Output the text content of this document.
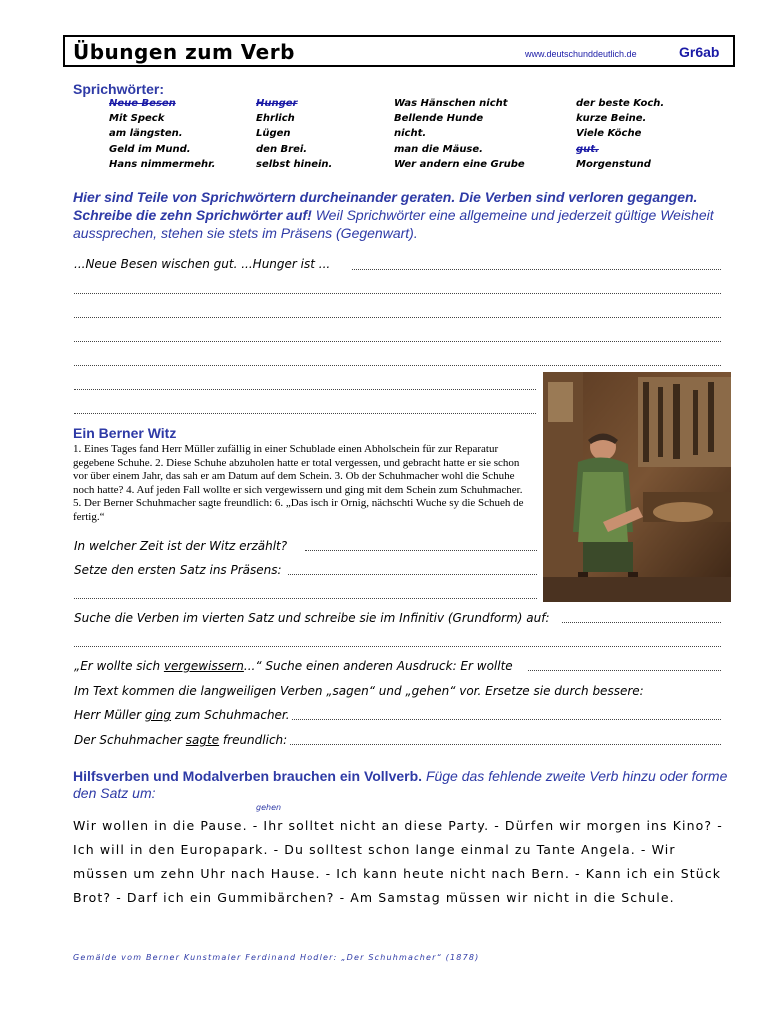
Übungen zum Verb	www.deutschunddeutlich.de	Gr6ab
Sprichwörter:
Neue Besen
Mit Speck
am längsten.
Geld im Mund.
Hans nimmermehr.
Hunger
Ehrlich
Lügen
den Brei.
selbst hinein.
Was Hänschen nicht
Bellende Hunde
nicht.
man die Mäuse.
Wer andern eine Grube
der beste Koch.
kurze Beine.
Viele Köche
gut.
Morgenstund
Hier sind Teile von Sprichwörtern durcheinander geraten. Die Verben sind verloren gegangen. Schreibe die zehn Sprichwörter auf! Weil Sprichwörter eine allgemeine und jederzeit gültige Weisheit aussprechen, stehen sie stets im Präsens (Gegenwart).
...Neue Besen wischen gut. ...Hunger ist ...
Ein Berner Witz
1. Eines Tages fand Herr Müller zufällig in einer Schublade einen Abholschein für zur Reparatur gegebene Schuhe. 2. Diese Schuhe abzuholen hatte er total vergessen, und gebracht hatte er sie schon vor über einem Jahr, das sah er am Datum auf dem Schein. 3. Ob der Schuhmacher wohl die Schuhe noch hatte? 4. Auf jeden Fall wollte er sich vergewissern und ging mit dem Schein zum Schuhmacher. 5. Der Berner Schuhmacher sagte freundlich: 6. „Das isch ir Ornig, nächschti Wuche sy die Schueh de fertig.“
In welcher Zeit ist der Witz erzählt?
Setze den ersten Satz ins Präsens:
Suche die Verben im vierten Satz und schreibe sie im Infinitiv (Grundform) auf:
„Er wollte sich vergewissern...“ Suche einen anderen Ausdruck: Er wollte
Im Text kommen die langweiligen Verben „sagen“ und „gehen“ vor. Ersetze sie durch bessere:
Herr Müller ging zum Schuhmacher.
Der Schuhmacher sagte freundlich:
Hilfsverben und Modalverben brauchen ein Vollverb. Füge das fehlende zweite Verb hinzu oder forme den Satz um:
gehen
Wir wollen in die Pause. - Ihr solltet nicht an diese Party. - Dürfen wir morgen ins Kino? - Ich will in den Europapark. - Du solltest schon lange einmal zu Tante Angela. - Wir müssen um zehn Uhr nach Hause. - Ich kann heute nicht nach Bern. - Kann ich ein Stück Brot? - Darf ich ein Gummibärchen? - Am Samstag müssen wir nicht in die Schule.
Gemälde vom Berner Kunstmaler Ferdinand Hodler: „Der Schuhmacher“ (1878)
